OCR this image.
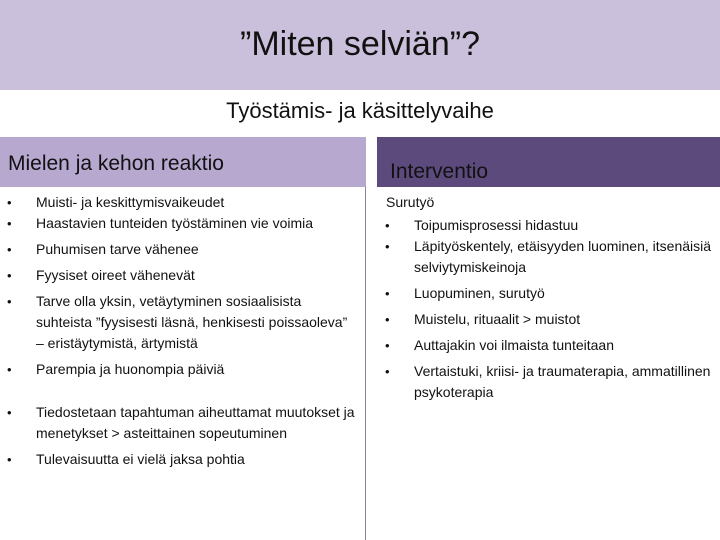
”Miten selviän”?
Työstämis- ja käsittelyvaihe
Mielen ja kehon reaktio	Interventio
• Muisti- ja keskittymisvaikeudet
• Haastavien tunteiden työstäminen vie voimia
• Puhumisen tarve vähenee
• Fyysiset oireet vähenevät
• Tarve olla yksin, vetäytyminen sosiaalisista suhteista ”fyysisesti läsnä, henkisesti poissaoleva” – eristäytymistä, ärtymistä
• Parempia ja huonompia päiviä
• Tiedostetaan tapahtuman aiheuttamat muutokset ja menetykset > asteittainen sopeutuminen
• Tulevaisuutta ei vielä jaksa pohtia
Surutyö
• Toipumisprosessi hidastuu
• Läpityöskentely, etäisyyden luominen, itsenäisiä selviytymiskeinoja
• Luopuminen, surutyö
• Muistelu, rituaalit > muistot
• Auttajakin voi ilmaista tunteitaan
• Vertaistuki, kriisi- ja traumaterapia, ammatillinen psykoterapia
